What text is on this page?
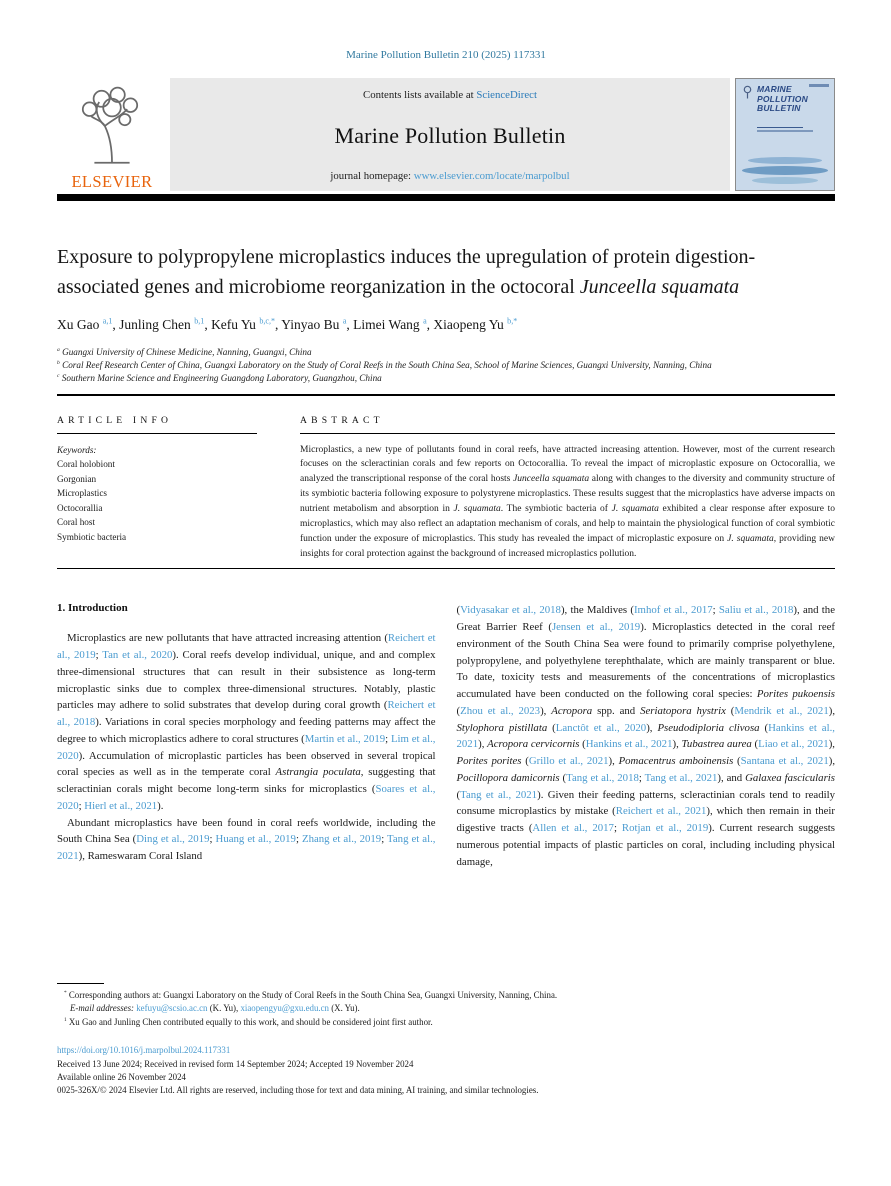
Marine Pollution Bulletin 210 (2025) 117331
ELSEVIER
Contents lists available at ScienceDirect
Marine Pollution Bulletin
journal homepage: www.elsevier.com/locate/marpolbul
MARINE
POLLUTION
BULLETIN
Exposure to polypropylene microplastics induces the upregulation of protein digestion-associated genes and microbiome reorganization in the octocoral Junceella squamata
Xu Gao $^{a,1}$, Junling Chen $^{b,1}$, Kefu Yu $^{b,c,*}$, Yinyao Bu $^a$, Limei Wang $^a$, Xiaopeng Yu $^{b,*}$
$^a$ Guangxi University of Chinese Medicine, Nanning, Guangxi, China
$^b$ Coral Reef Research Center of China, Guangxi Laboratory on the Study of Coral Reefs in the South China Sea, School of Marine Sciences, Guangxi University, Nanning, China
$^c$ Southern Marine Science and Engineering Guangdong Laboratory, Guangzhou, China
ARTICLE INFO
Keywords:
Coral holobiont
Gorgonian
Microplastics
Octocorallia
Coral host
Symbiotic bacteria
ABSTRACT
Microplastics, a new type of pollutants found in coral reefs, have attracted increasing attention. However, most of the current research focuses on the scleractinian corals and few reports on Octocorallia. To reveal the impact of microplastic exposure on Octocorallia, we analyzed the transcriptional response of the coral hosts Junceella squamata along with changes to the diversity and community structure of its symbiotic bacteria following exposure to polystyrene microplastics. These results suggest that the microplastics have adverse impacts on nutrient metabolism and absorption in J. squamata. The symbiotic bacteria of J. squamata exhibited a clear response after exposure to microplastics, which may also reflect an adaptation mechanism of corals, and help to maintain the physiological function of coral symbiotic function under the exposure of microplastics. This study has revealed the impact of microplastic exposure on J. squamata, providing new insights for coral protection against the background of increased microplastics pollution.
1. Introduction

Microplastics are new pollutants that have attracted increasing attention (Reichert et al., 2019; Tan et al., 2020). Coral reefs develop individual, unique, and and complex three-dimensional structures that can result in their subsistence as long-term microplastic sinks due to complex three-dimensional structures. Notably, plastic particles may adhere to solid substrates that develop during coral growth (Reichert et al., 2018). Variations in coral species morphology and feeding patterns may affect the degree to which microplastics adhere to coral structures (Martin et al., 2019; Lim et al., 2020). Accumulation of microplastic particles has been observed in several tropical coral species as well as in the temperate coral Astrangia poculata, suggesting that scleractinian corals might become long-term sinks for microplastics (Soares et al., 2020; Hierl et al., 2021).

Abundant microplastics have been found in coral reefs worldwide, including the South China Sea (Ding et al., 2019; Huang et al., 2019; Zhang et al., 2019; Tang et al., 2021), Rameswaram Coral Island

(Vidyasakar et al., 2018), the Maldives (Imhof et al., 2017; Saliu et al., 2018), and the Great Barrier Reef (Jensen et al., 2019). Microplastics detected in the coral reef environment of the South China Sea were found to primarily comprise polyethylene, polypropylene, and polyethylene terephthalate, which are mainly transparent or blue. To date, toxicity tests and measurements of the concentrations of microplastics accumulated have been conducted on the following coral species: Porites pukoensis (Zhou et al., 2023), Acropora spp. and Seriatopora hystrix (Mendrik et al., 2021), Stylophora pistillata (Lanctôt et al., 2020), Pseudodiploria clivosa (Hankins et al., 2021), Acropora cervicornis (Hankins et al., 2021), Tubastrea aurea (Liao et al., 2021), Porites porites (Grillo et al., 2021), Pomacentrus amboinensis (Santana et al., 2021), Pocillopora damicornis (Tang et al., 2018; Tang et al., 2021), and Galaxea fascicularis (Tang et al., 2021). Given their feeding patterns, scleractinian corals tend to readily consume microplastics by mistake (Reichert et al., 2021), which then remain in their digestive tracts (Allen et al., 2017; Rotjan et al., 2019). Current research suggests numerous potential impacts of plastic particles on coral, including including physical damage,

* Corresponding authors at: Guangxi Laboratory on the Study of Coral Reefs in the South China Sea, Guangxi University, Nanning, China.
E-mail addresses: kefuyu@scsio.ac.cn (K. Yu), xiaopengyu@gxu.edu.cn (X. Yu).
$^1$ Xu Gao and Junling Chen contributed equally to this work, and should be considered joint first author.
https://doi.org/10.1016/j.marpolbul.2024.117331
Received 13 June 2024; Received in revised form 14 September 2024; Accepted 19 November 2024
Available online 26 November 2024
0025-326X/© 2024 Elsevier Ltd. All rights are reserved, including those for text and data mining, AI training, and similar technologies.
